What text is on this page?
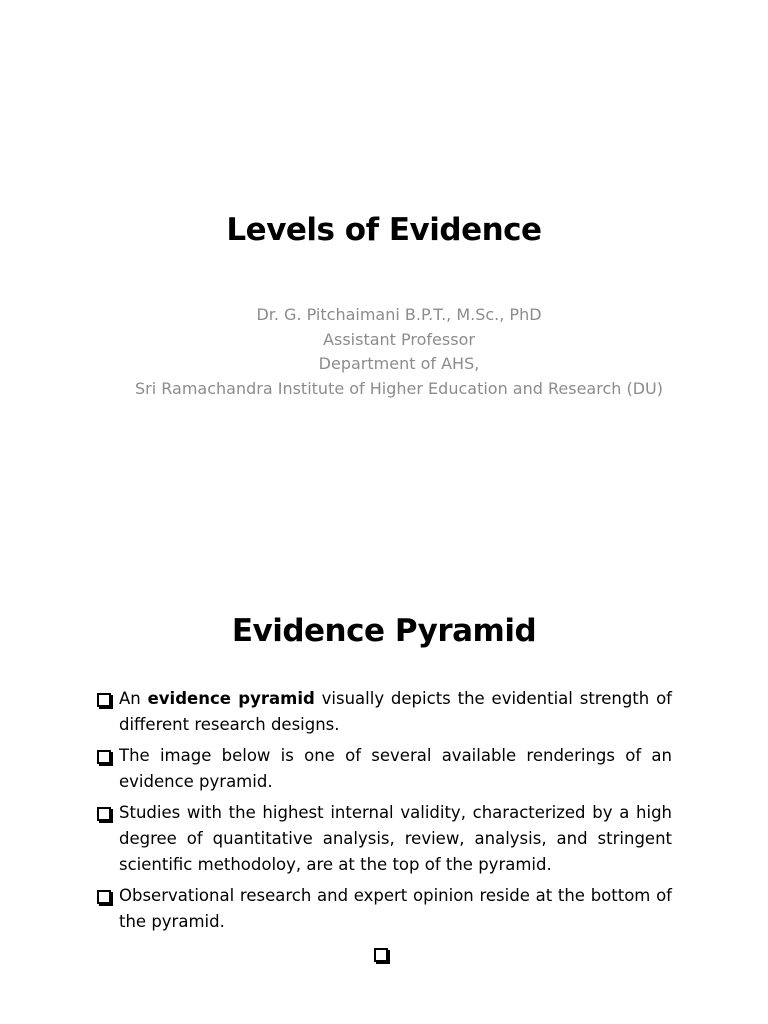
Levels of Evidence
Dr. G. Pitchaimani B.P.T., M.Sc., PhD
Assistant Professor
Department of AHS,
Sri Ramachandra Institute of Higher Education and Research (DU)
Evidence Pyramid
An evidence pyramid visually depicts the evidential strength of different research designs.
The image below is one of several available renderings of an evidence pyramid.
Studies with the highest internal validity, characterized by a high degree of quantitative analysis, review, analysis, and stringent scientific methodoloy, are at the top of the pyramid.
Observational research and expert opinion reside at the bottom of the pyramid.
